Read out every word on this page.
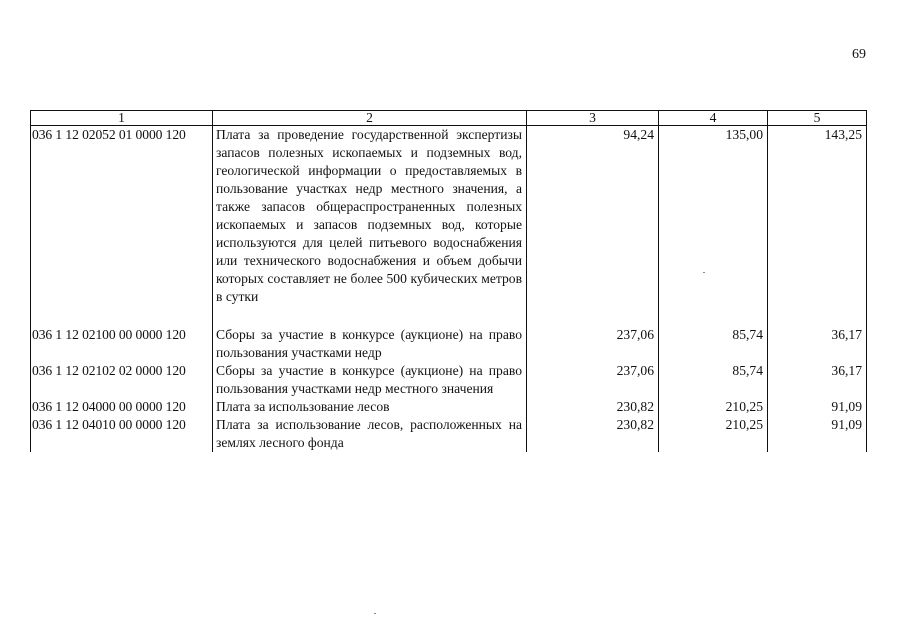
69
1	2	3	4	5
036 1 12 02052 01 0000 120	Плата за проведение государственной экспертизы запасов полезных ископаемых и подземных вод, геологической информации о предоставляемых в пользование участках недр местного значения, а также запасов общераспространенных полезных ископаемых и запасов подземных вод, которые используются для целей питьевого водоснабжения или технического водоснабжения и объем добычи которых составляет не более 500 кубических метров в сутки	94,24	135,00	143,25

036 1 12 02100 00 0000 120	Сборы за участие в конкурсе (аукционе) на право пользования участками недр	237,06	85,74	36,17
036 1 12 02102 02 0000 120	Сборы за участие в конкурсе (аукционе) на право пользования участками недр местного значения	237,06	85,74	36,17
036 1 12 04000 00 0000 120	Плата за использование лесов	230,82	210,25	91,09
036 1 12 04010 00 0000 120	Плата за использование лесов, расположенных на землях лесного фонда	230,82	210,25	91,09
